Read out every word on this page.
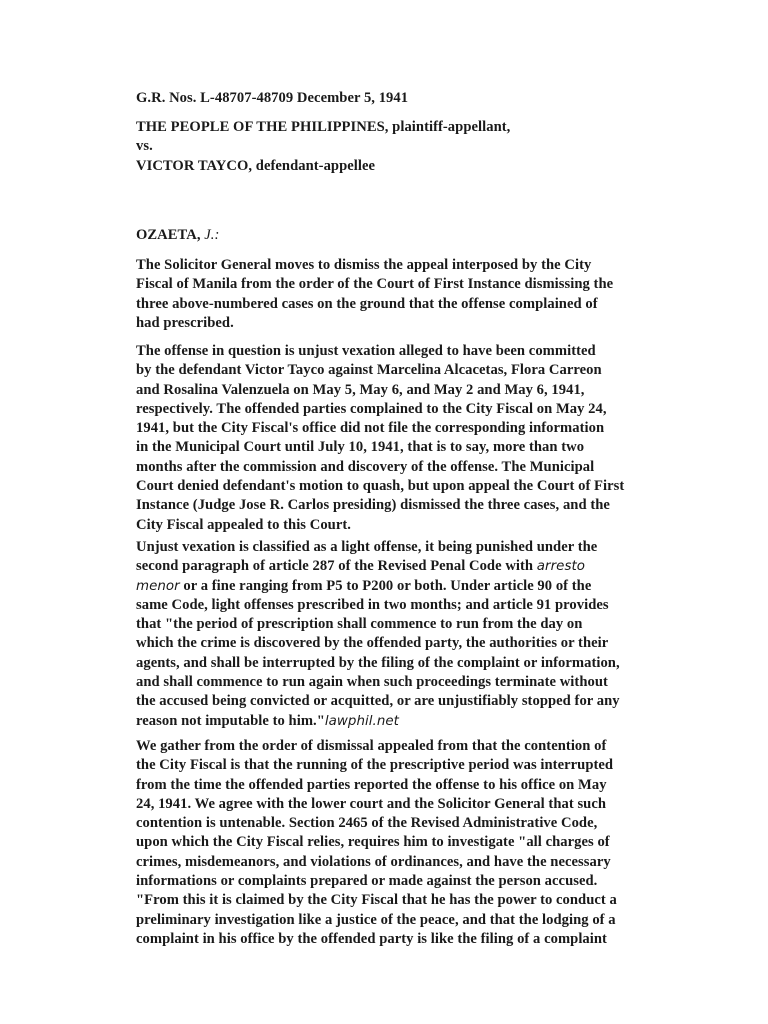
G.R. Nos. L-48707-48709 December 5, 1941
THE PEOPLE OF THE PHILIPPINES, plaintiff-appellant,
vs.
VICTOR TAYCO, defendant-appellee
OZAETA, J.:
The Solicitor General moves to dismiss the appeal interposed by the City
Fiscal of Manila from the order of the Court of First Instance dismissing the
three above-numbered cases on the ground that the offense complained of
had prescribed.
The offense in question is unjust vexation alleged to have been committed
by the defendant Victor Tayco against Marcelina Alcacetas, Flora Carreon
and Rosalina Valenzuela on May 5, May 6, and May 2 and May 6, 1941,
respectively. The offended parties complained to the City Fiscal on May 24,
1941, but the City Fiscal's office did not file the corresponding information
in the Municipal Court until July 10, 1941, that is to say, more than two
months after the commission and discovery of the offense. The Municipal
Court denied defendant's motion to quash, but upon appeal the Court of First
Instance (Judge Jose R. Carlos presiding) dismissed the three cases, and the
City Fiscal appealed to this Court.
Unjust vexation is classified as a light offense, it being punished under the
second paragraph of article 287 of the Revised Penal Code with arresto
menor or a fine ranging from P5 to P200 or both. Under article 90 of the
same Code, light offenses prescribed in two months; and article 91 provides
that "the period of prescription shall commence to run from the day on
which the crime is discovered by the offended party, the authorities or their
agents, and shall be interrupted by the filing of the complaint or information,
and shall commence to run again when such proceedings terminate without
the accused being convicted or acquitted, or are unjustifiably stopped for any
reason not imputable to him."lawphil.net
We gather from the order of dismissal appealed from that the contention of
the City Fiscal is that the running of the prescriptive period was interrupted
from the time the offended parties reported the offense to his office on May
24, 1941. We agree with the lower court and the Solicitor General that such
contention is untenable. Section 2465 of the Revised Administrative Code,
upon which the City Fiscal relies, requires him to investigate "all charges of
crimes, misdemeanors, and violations of ordinances, and have the necessary
informations or complaints prepared or made against the person accused.
"From this it is claimed by the City Fiscal that he has the power to conduct a
preliminary investigation like a justice of the peace, and that the lodging of a
complaint in his office by the offended party is like the filing of a complaint
